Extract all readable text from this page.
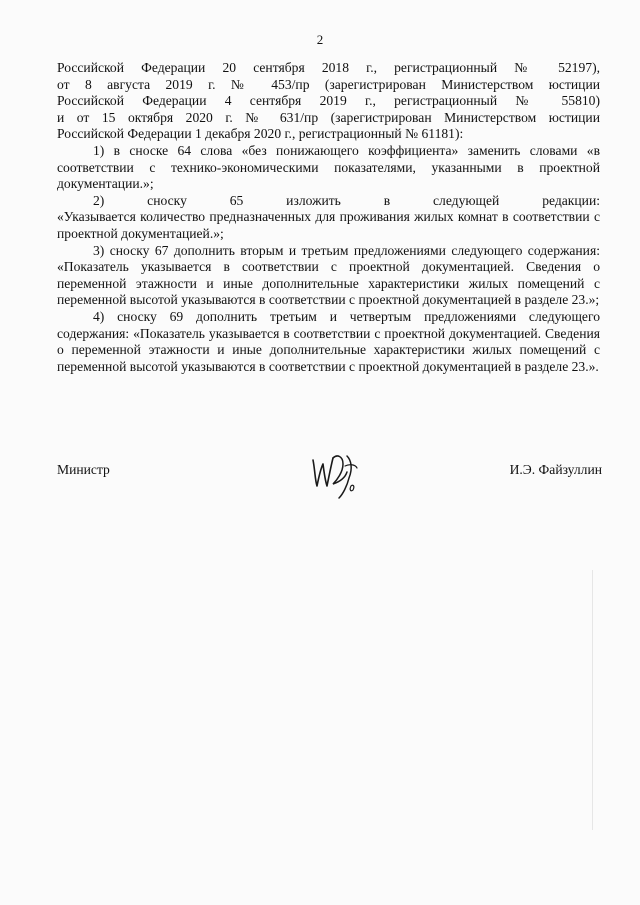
2

Российской Федерации 20 сентября 2018 г., регистрационный № 52197),

от 8 августа 2019 г. № 453/пр (зарегистрирован Министерством юстиции

Российской Федерации 4 сентября 2019 г., регистрационный № 55810)

и от 15 октября 2020 г. № 631/пр (зарегистрирован Министерством юстиции

Российской Федерации 1 декабря 2020 г., регистрационный № 61181):

1) в сноске 64 слова «без понижающего коэффициента» заменить словами «в соответствии с технико-экономическими показателями, указанными в проектной документации.»;

2) сноску 65 изложить в следующей редакции:

«Указывается количество предназначенных для проживания жилых комнат в соответствии с проектной документацией.»;

3) сноску 67 дополнить вторым и третьим предложениями следующего содержания: «Показатель указывается в соответствии с проектной документацией. Сведения о переменной этажности и иные дополнительные характеристики жилых помещений с переменной высотой указываются в соответствии с проектной документацией в разделе 23.»;

4) сноску 69 дополнить третьим и четвертым предложениями следующего содержания: «Показатель указывается в соответствии с проектной документацией. Сведения о переменной этажности и иные дополнительные характеристики жилых помещений с переменной высотой указываются в соответствии с проектной документацией в разделе 23.».

Министр	И.Э. Файзуллин
